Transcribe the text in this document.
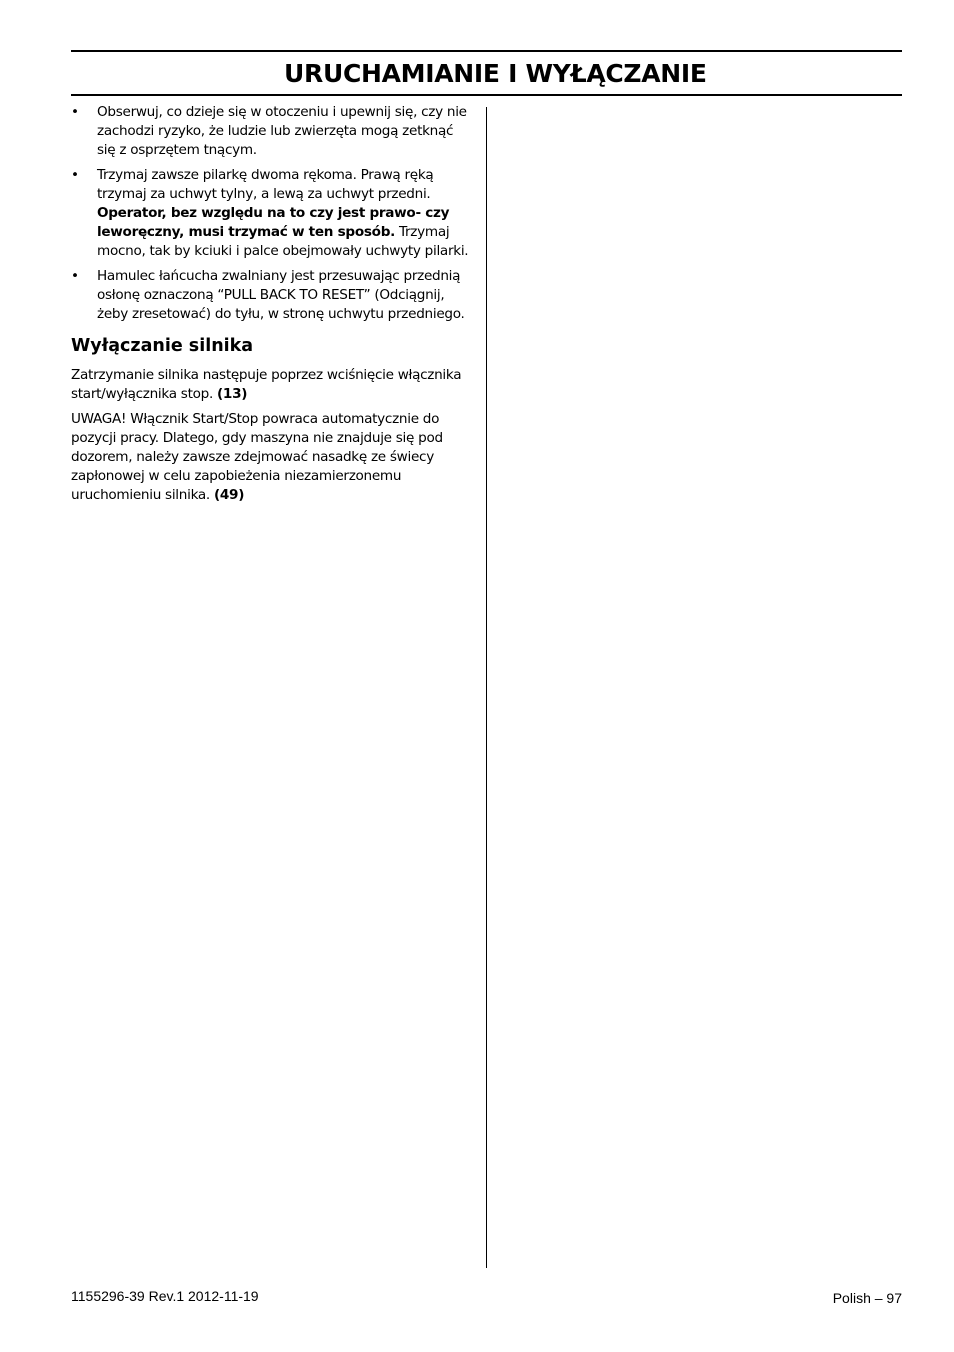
URUCHAMIANIE I WYŁĄCZANIE
• Obserwuj, co dzieje się w otoczeniu i upewnij się, czy nie zachodzi ryzyko, że ludzie lub zwierzęta mogą zetknąć się z osprzętem tnącym.
• Trzymaj zawsze pilarkę dwoma rękoma. Prawą ręką trzymaj za uchwyt tylny, a lewą za uchwyt przedni. Operator, bez względu na to czy jest prawo- czy leworęczny, musi trzymać w ten sposób. Trzymaj mocno, tak by kciuki i palce obejmowały uchwyty pilarki.
• Hamulec łańcucha zwalniany jest przesuwając przednią osłonę oznaczoną “PULL BACK TO RESET” (Odciągnij, żeby zresetować) do tyłu, w stronę uchwytu przedniego.
Wyłączanie silnika

Zatrzymanie silnika następuje poprzez wciśnięcie włącznika start/wyłącznika stop. (13)

UWAGA! Włącznik Start/Stop powraca automatycznie do pozycji pracy. Dlatego, gdy maszyna nie znajduje się pod dozorem, należy zawsze zdejmować nasadkę ze świecy zapłonowej w celu zapobieżenia niezamierzonemu uruchomieniu silnika. (49)

1155296-39 Rev.1 2012-11-19	Polish – 97
